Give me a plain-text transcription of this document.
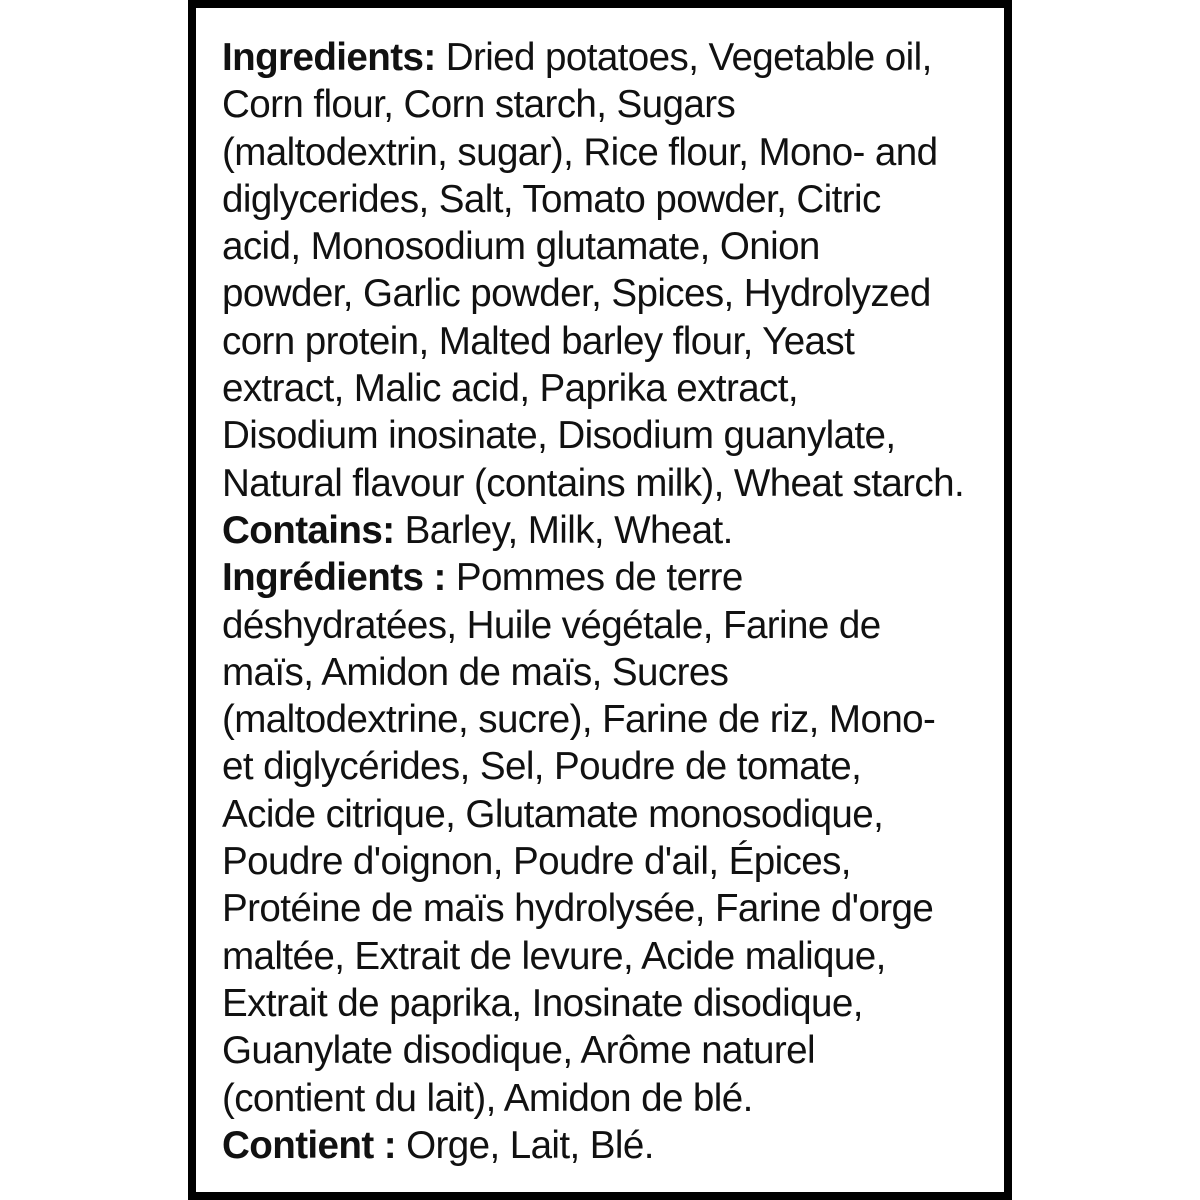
Ingredients: Dried potatoes, Vegetable oil,
Corn flour, Corn starch, Sugars
(maltodextrin, sugar), Rice flour, Mono- and
diglycerides, Salt, Tomato powder, Citric
acid, Monosodium glutamate, Onion
powder, Garlic powder, Spices, Hydrolyzed
corn protein, Malted barley flour, Yeast
extract, Malic acid, Paprika extract,
Disodium inosinate, Disodium guanylate,
Natural flavour (contains milk), Wheat starch.
Contains: Barley, Milk, Wheat.
Ingrédients : Pommes de terre
déshydratées, Huile végétale, Farine de
maïs, Amidon de maïs, Sucres
(maltodextrine, sucre), Farine de riz, Mono-
et diglycérides, Sel, Poudre de tomate,
Acide citrique, Glutamate monosodique,
Poudre d'oignon, Poudre d'ail, Épices,
Protéine de maïs hydrolysée, Farine d'orge
maltée, Extrait de levure, Acide malique,
Extrait de paprika, Inosinate disodique,
Guanylate disodique, Arôme naturel
(contient du lait), Amidon de blé.
Contient : Orge, Lait, Blé.
